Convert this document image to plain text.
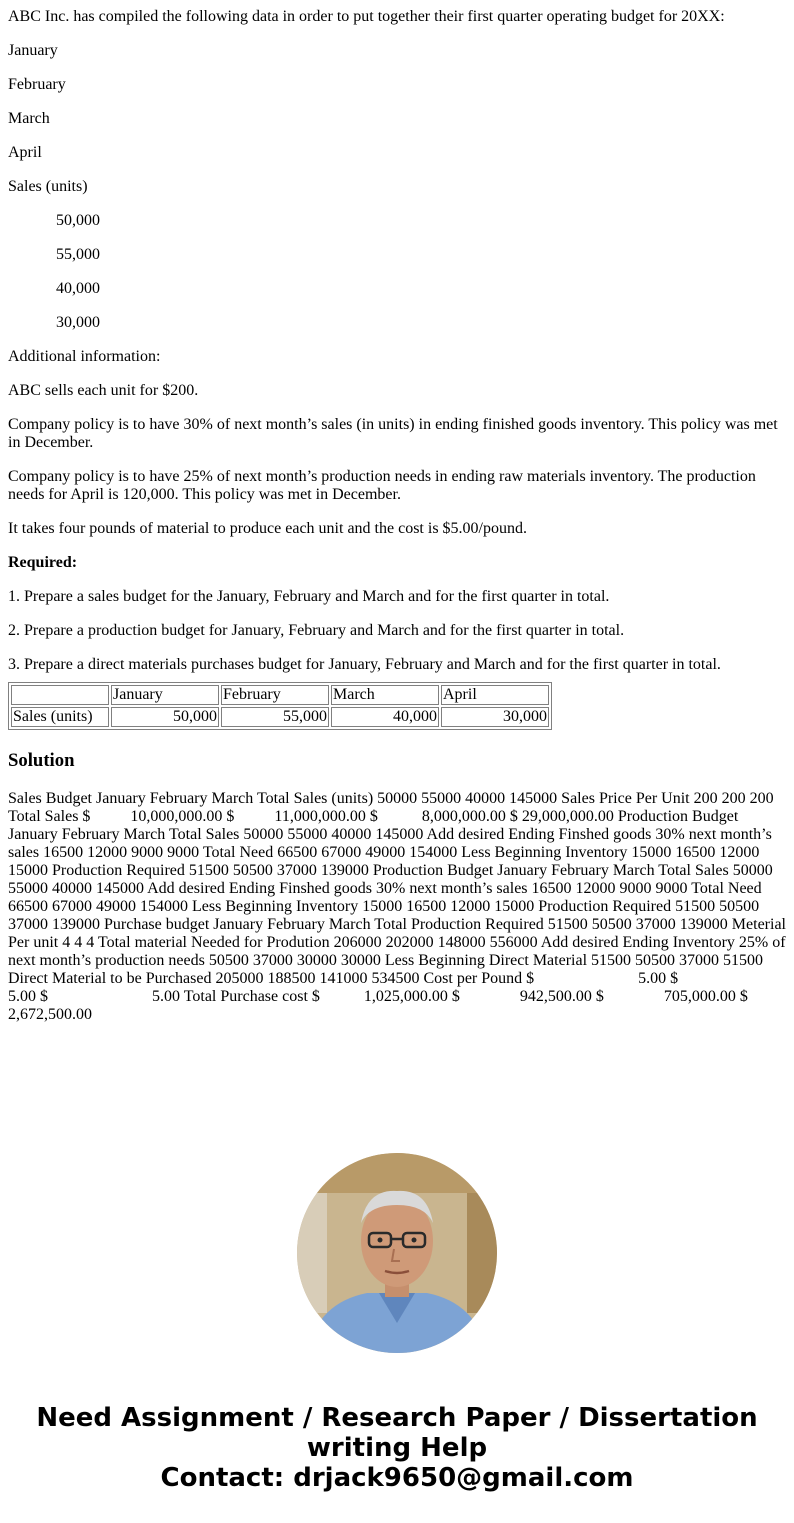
ABC Inc. has compiled the following data in order to put together their first quarter operating budget for 20XX:

January

February

March

April

Sales (units)

50,000

55,000

40,000

30,000

Additional information:

ABC sells each unit for $200.

Company policy is to have 30% of next month’s sales (in units) in ending finished goods inventory. This policy was met in December.

Company policy is to have 25% of next month’s production needs in ending raw materials inventory. The production needs for April is 120,000. This policy was met in December.

It takes four pounds of material to produce each unit and the cost is $5.00/pound.

Required:

1. Prepare a sales budget for the January, February and March and for the first quarter in total.

2. Prepare a production budget for January, February and March and for the first quarter in total.

3. Prepare a direct materials purchases budget for January, February and March and for the first quarter in total.

	January	February	March	April
Sales (units)	50,000	55,000	40,000	30,000
Solution

Sales Budget January February March Total Sales (units) 50000 55000 40000 145000 Sales Price Per Unit 200 200 200 Total Sales $          10,000,000.00 $          11,000,000.00 $           8,000,000.00 $ 29,000,000.00 Production Budget January February March Total Sales 50000 55000 40000 145000 Add desired Ending Finshed goods 30% next month’s sales 16500 12000 9000 9000 Total Need 66500 67000 49000 154000 Less Beginning Inventory 15000 16500 12000 15000 Production Required 51500 50500 37000 139000 Production Budget January February March Total Sales 50000 55000 40000 145000 Add desired Ending Finshed goods 30% next month’s sales 16500 12000 9000 9000 Total Need 66500 67000 49000 154000 Less Beginning Inventory 15000 16500 12000 15000 Production Required 51500 50500 37000 139000 Purchase budget January February March Total Production Required 51500 50500 37000 139000 Meterial Per unit 4 4 4 Total material Needed for Prodution 206000 202000 148000 556000 Add desired Ending Inventory 25% of next month’s production needs 50500 37000 30000 30000 Less Beginning Direct Material 51500 50500 37000 51500 Direct Material to be Purchased 205000 188500 141000 534500 Cost per Pound $                          5.00 $                          5.00 $                          5.00 Total Purchase cost $           1,025,000.00 $               942,500.00 $               705,000.00 $    2,672,500.00

Need Assignment / Research Paper / Dissertation
writing Help
Contact: drjack9650@gmail.com
